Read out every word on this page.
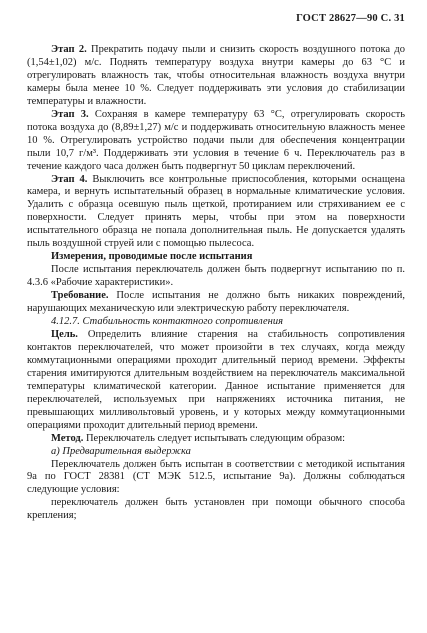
ГОСТ 28627—90 С. 31

Этап 2. Прекратить подачу пыли и снизить скорость воздушного потока до (1,54±1,02) м/с. Поднять температуру воздуха внутри камеры до 63 °C и отрегулировать влажность так, чтобы относительная влажность воздуха внутри камеры была менее 10 %. Следует поддерживать эти условия до стабилизации температуры и влажности.

Этап 3. Сохраняя в камере температуру 63 °C, отрегулировать скорость потока воздуха до (8,89±1,27) м/с и поддерживать относительную влажность менее 10 %. Отрегулировать устройство подачи пыли для обеспечения концентрации пыли 10,7 г/м³. Поддерживать эти условия в течение 6 ч. Переключатель раз в течение каждого часа должен быть подвергнут 50 циклам переключений.

Этап 4. Выключить все контрольные приспособления, которыми оснащена камера, и вернуть испытательный образец в нормальные климатические условия. Удалить с образца осевшую пыль щеткой, протиранием или стряхиванием ее с поверхности. Следует принять меры, чтобы при этом на поверхности испытательного образца не попала дополнительная пыль. Не допускается удалять пыль воздушной струей или с помощью пылесоса.

Измерения, проводимые после испытания

После испытания переключатель должен быть подвергнут испытанию по п. 4.3.6 «Рабочие характеристики».

Требование. После испытания не должно быть никаких повреждений, нарушающих механическую или электрическую работу переключателя.

4.12.7. Стабильность контактного сопротивления

Цель. Определить влияние старения на стабильность сопротивления контактов переключателей, что может произойти в тех случаях, когда между коммутационными операциями проходит длительный период времени. Эффекты старения имитируются длительным воздействием на переключатель максимальной температуры климатической категории. Данное испытание применяется для переключателей, используемых при напряжениях источника питания, не превышающих милливольтовый уровень, и у которых между коммутационными операциями проходит длительный период времени.

Метод. Переключатель следует испытывать следующим образом:

а) Предварительная выдержка

Переключатель должен быть испытан в соответствии с методикой испытания 9а по ГОСТ 28381 (СТ МЭК 512.5, испытание 9а). Должны соблюдаться следующие условия:

переключатель должен быть установлен при помощи обычного способа крепления;
